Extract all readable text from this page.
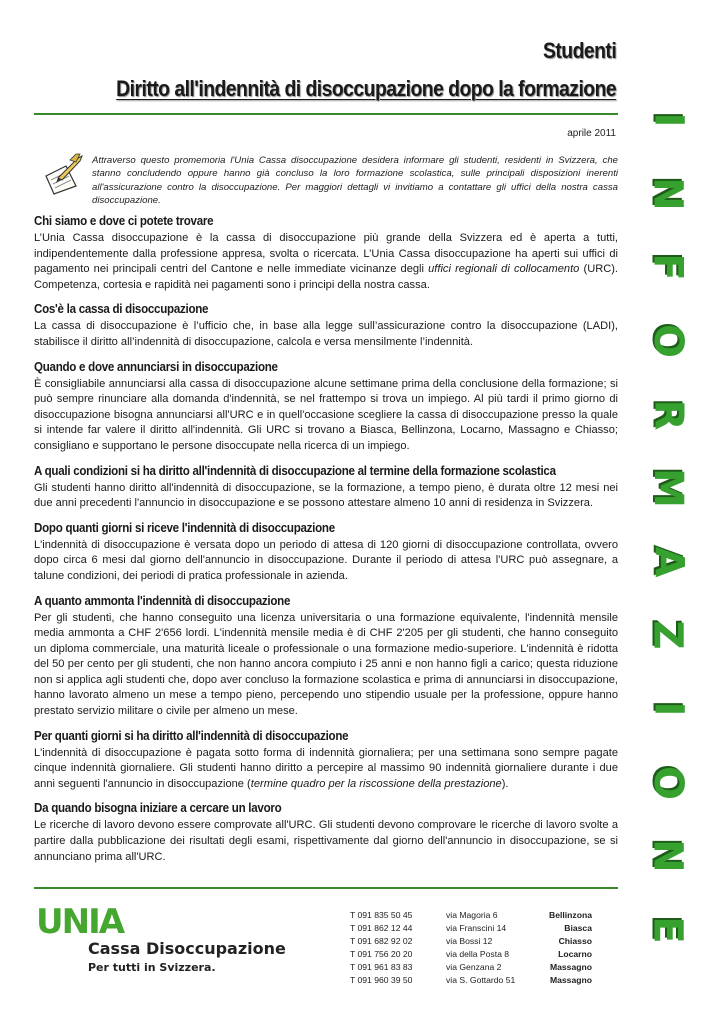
Studenti
Diritto all'indennità di disoccupazione dopo la formazione
I
N
F
O
R
M
A
Z
I
O
N
E
aprile 2011
Attraverso questo promemoria l'Unia Cassa disoccupazione desidera informare gli studenti, residenti in Svizzera, che stanno concludendo oppure hanno già concluso la loro formazione scolastica, sulle principali disposizioni inerenti all'assicurazione contro la disoccupazione. Per maggiori dettagli vi invitiamo a contattare gli uffici della nostra cassa disoccupazione.
Chi siamo e dove ci potete trovare

L’Unia Cassa disoccupazione è la cassa di disoccupazione più grande della Svizzera ed è aperta a tutti, indipendentemente dalla professione appresa, svolta o ricercata. L’Unia Cassa disoccupazione ha aperti sui uffici di pagamento nei principali centri del Cantone e nelle immediate vicinanze degli uffici regionali di collocamento (URC). Competenza, cortesia e rapidità nei pagamenti sono i principi della nostra cassa.

Cos'è la cassa di disoccupazione

La cassa di disoccupazione è l’ufficio che, in base alla legge sull’assicurazione contro la disoccupazione (LADI), stabilisce il diritto all’indennità di disoccupazione, calcola e versa mensilmente l’indennità.

Quando e dove annunciarsi in disoccupazione

È consigliabile annunciarsi alla cassa di disoccupazione alcune settimane prima della conclusione della formazione; si può sempre rinunciare alla domanda d'indennità, se nel frattempo si trova un impiego. Al più tardi il primo giorno di disoccupazione bisogna annunciarsi all'URC e in quell'occasione scegliere la cassa di disoccupazione presso la quale si intende far valere il diritto all'indennità. Gli URC si trovano a Biasca, Bellinzona, Locarno, Massagno e Chiasso; consigliano e supportano le persone disoccupate nella ricerca di un impiego.

A quali condizioni si ha diritto all'indennità di disoccupazione al termine della formazione scolastica

Gli studenti hanno diritto all'indennità di disoccupazione, se la formazione, a tempo pieno, è durata oltre 12 mesi nei due anni precedenti l'annuncio in disoccupazione e se possono attestare almeno 10 anni di residenza in Svizzera.

Dopo quanti giorni si riceve l'indennità di disoccupazione

L'indennità di disoccupazione è versata dopo un periodo di attesa di 120 giorni di disoccupazione controllata, ovvero dopo circa 6 mesi dal giorno dell'annuncio in disoccupazione. Durante il periodo di attesa l'URC può assegnare, a talune condizioni, dei periodi di pratica professionale in azienda.

A quanto ammonta l'indennità di disoccupazione

Per gli studenti, che hanno conseguito una licenza universitaria o una formazione equivalente, l'indennità mensile media ammonta a CHF 2'656 lordi. L'indennità mensile media è di CHF 2'205 per gli studenti, che hanno conseguito un diploma commerciale, una maturità liceale o professionale o una formazione medio-superiore. L'indennità è ridotta del 50 per cento per gli studenti, che non hanno ancora compiuto i 25 anni e non hanno figli a carico; questa riduzione non si applica agli studenti che, dopo aver concluso la formazione scolastica e prima di annunciarsi in disoccupazione, hanno lavorato almeno un mese a tempo pieno, percependo uno stipendio usuale per la professione, oppure hanno prestato servizio militare o civile per almeno un mese.

Per quanti giorni si ha diritto all'indennità di disoccupazione

L'indennità di disoccupazione è pagata sotto forma di indennità giornaliera; per una settimana sono sempre pagate cinque indennità giornaliere. Gli studenti hanno diritto a percepire al massimo 90 indennità giornaliere durante i due anni seguenti l'annuncio in disoccupazione (termine quadro per la riscossione della prestazione).

Da quando bisogna iniziare a cercare un lavoro

Le ricerche di lavoro devono essere comprovate all'URC. Gli studenti devono comprovare le ricerche di lavoro svolte a partire dalla pubblicazione dei risultati degli esami, rispettivamente dal giorno dell'annuncio in disoccupazione, se si annunciano prima all'URC.

UNIA
Cassa Disoccupazione
Per tutti in Svizzera.
T 091 835 50 45	via Magoria 6	Bellinzona
T 091 862 12 44	via Franscini 14	Biasca
T 091 682 92 02	via Bossi 12	Chiasso
T 091 756 20 20	via della Posta 8	Locarno
T 091 961 83 83	via Genzana 2	Massagno
T 091 960 39 50	via S. Gottardo 51	Massagno
